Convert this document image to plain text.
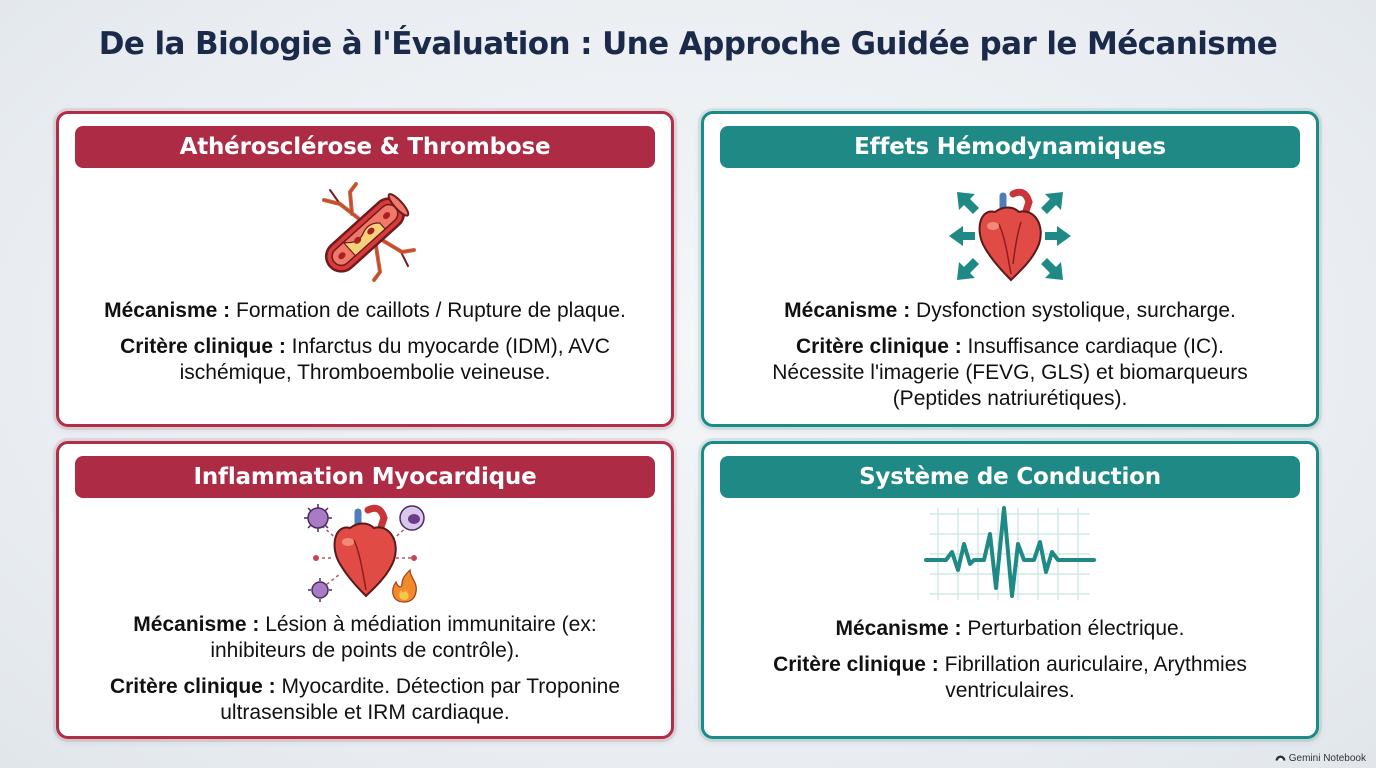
De la Biologie à l'Évaluation : Une Approche Guidée par le Mécanisme
Athérosclérose & Thrombose

Mécanisme : Formation de caillots / Rupture de plaque.

Critère clinique : Infarctus du myocarde (IDM), AVC ischémique, Thromboembolie veineuse.

Effets Hémodynamiques

Mécanisme : Dysfonction systolique, surcharge.

Critère clinique : Insuffisance cardiaque (IC). Nécessite l'imagerie (FEVG, GLS) et biomarqueurs (Peptides natriurétiques).

Inflammation Myocardique

Mécanisme : Lésion à médiation immunitaire (ex: inhibiteurs de points de contrôle).

Critère clinique : Myocardite. Détection par Troponine ultrasensible et IRM cardiaque.

Système de Conduction

Mécanisme : Perturbation électrique.

Critère clinique : Fibrillation auriculaire, Arythmies ventriculaires.

Gemini Notebook
